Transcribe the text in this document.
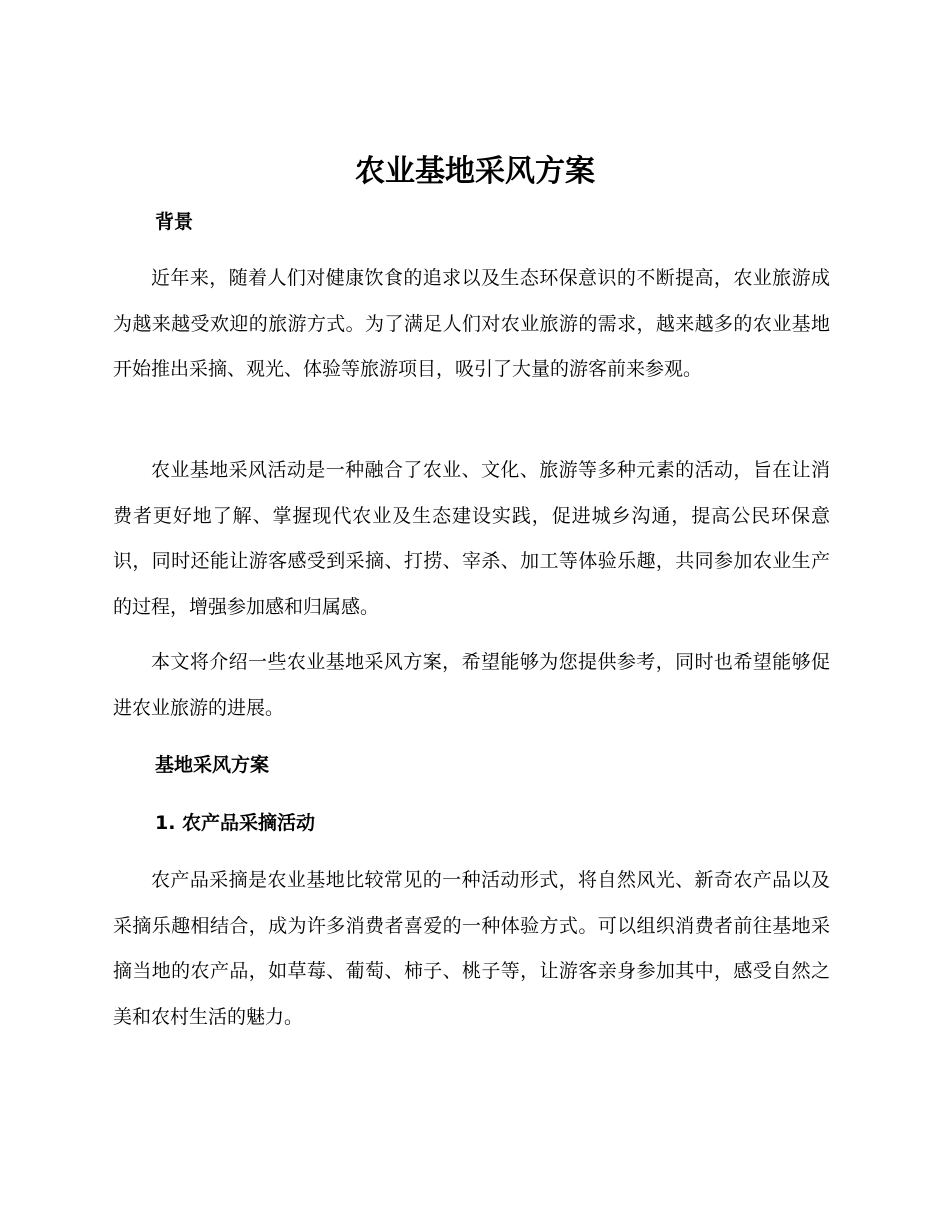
农业基地采风方案
背景

近年来，随着人们对健康饮食的追求以及生态环保意识的不断提高，农业旅游成为越来越受欢迎的旅游方式。为了满足人们对农业旅游的需求，越来越多的农业基地开始推出采摘、观光、体验等旅游项目，吸引了大量的游客前来参观。

农业基地采风活动是一种融合了农业、文化、旅游等多种元素的活动，旨在让消费者更好地了解、掌握现代农业及生态建设实践，促进城乡沟通，提高公民环保意识，同时还能让游客感受到采摘、打捞、宰杀、加工等体验乐趣，共同参加农业生产的过程，增强参加感和归属感。

本文将介绍一些农业基地采风方案，希望能够为您提供参考，同时也希望能够促进农业旅游的进展。

基地采风方案
1. 农产品采摘活动

农产品采摘是农业基地比较常见的一种活动形式，将自然风光、新奇农产品以及采摘乐趣相结合，成为许多消费者喜爱的一种体验方式。可以组织消费者前往基地采摘当地的农产品，如草莓、葡萄、柿子、桃子等，让游客亲身参加其中，感受自然之美和农村生活的魅力。
